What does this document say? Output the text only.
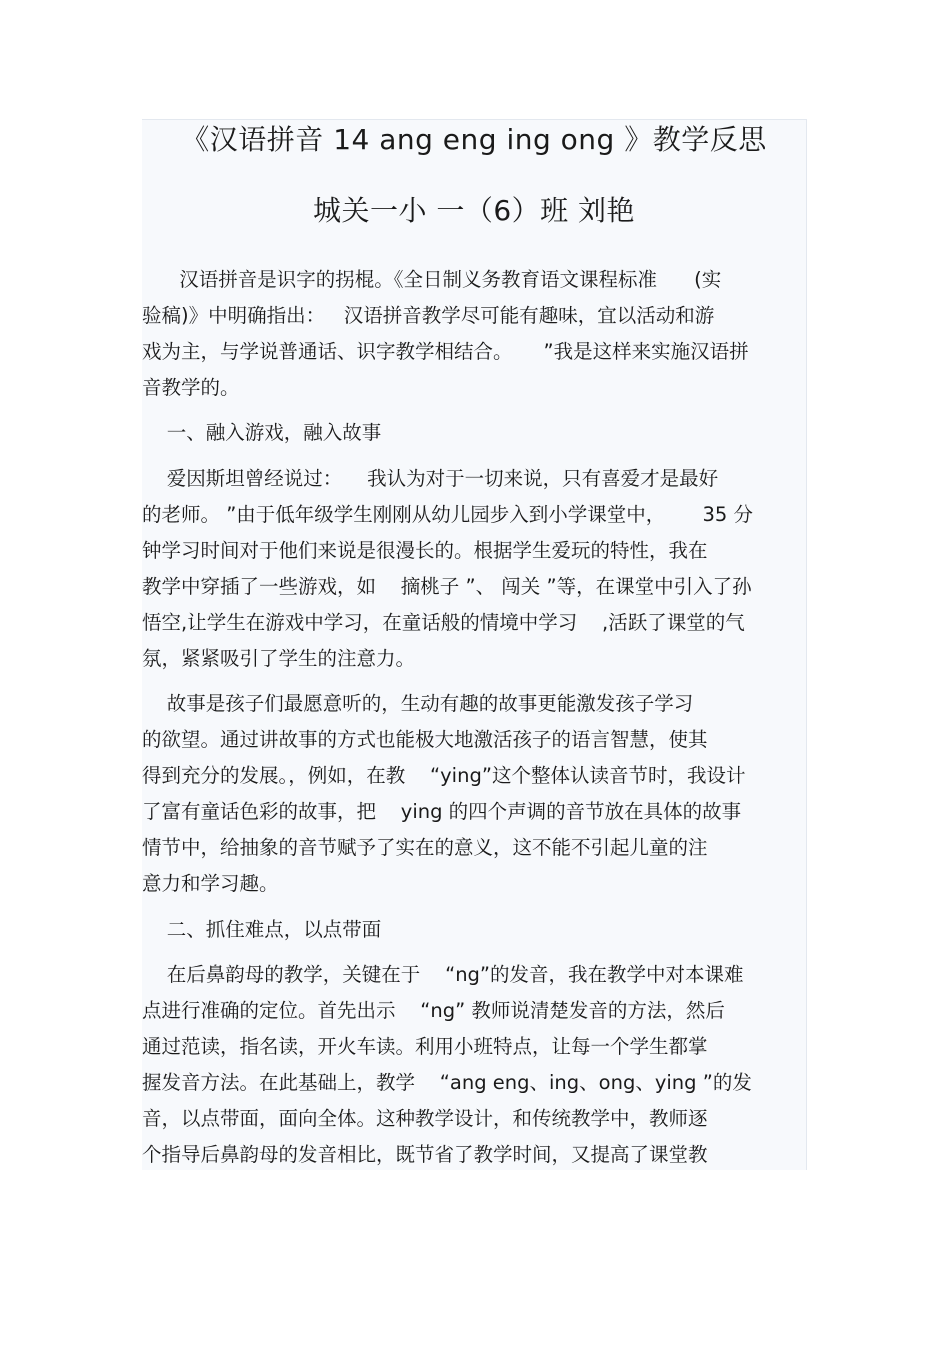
《汉语拼音 14 ang eng ing ong 》教学反思
城关一小 一（6）班 刘艳
汉语拼音是识字的拐棍。《全日制义务教育语文课程标准      (实
验稿)》中明确指出：   汉语拼音教学尽可能有趣味，宜以活动和游
戏为主，与学说普通话、识字教学相结合。     ”我是这样来实施汉语拼
音教学的。
一、融入游戏，融入故事
爱因斯坦曾经说过：    我认为对于一切来说，只有喜爱才是最好
的老师。 ”由于低年级学生刚刚从幼儿园步入到小学课堂中，      35 分
钟学习时间对于他们来说是很漫长的。根据学生爱玩的特性，我在
教学中穿插了一些游戏，如    摘桃子 ”、 闯关 ”等，在课堂中引入了孙
悟空,让学生在游戏中学习，在童话般的情境中学习    ,活跃了课堂的气
氛，紧紧吸引了学生的注意力。
故事是孩子们最愿意听的，生动有趣的故事更能激发孩子学习
的欲望。通过讲故事的方式也能极大地激活孩子的语言智慧，使其
得到充分的发展。，例如，在教    “ying”这个整体认读音节时，我设计
了富有童话色彩的故事，把    ying 的四个声调的音节放在具体的故事
情节中，给抽象的音节赋予了实在的意义，这不能不引起儿童的注
意力和学习趣。
二、抓住难点，以点带面
在后鼻韵母的教学，关键在于    “ng”的发音，我在教学中对本课难
点进行准确的定位。首先出示    “ng” 教师说清楚发音的方法，然后
通过范读，指名读，开火车读。利用小班特点，让每一个学生都掌
握发音方法。在此基础上，教学    “ang eng、ing、ong、ying ”的发
音，以点带面，面向全体。这种教学设计，和传统教学中，教师逐
个指导后鼻韵母的发音相比，既节省了教学时间，又提高了课堂教
